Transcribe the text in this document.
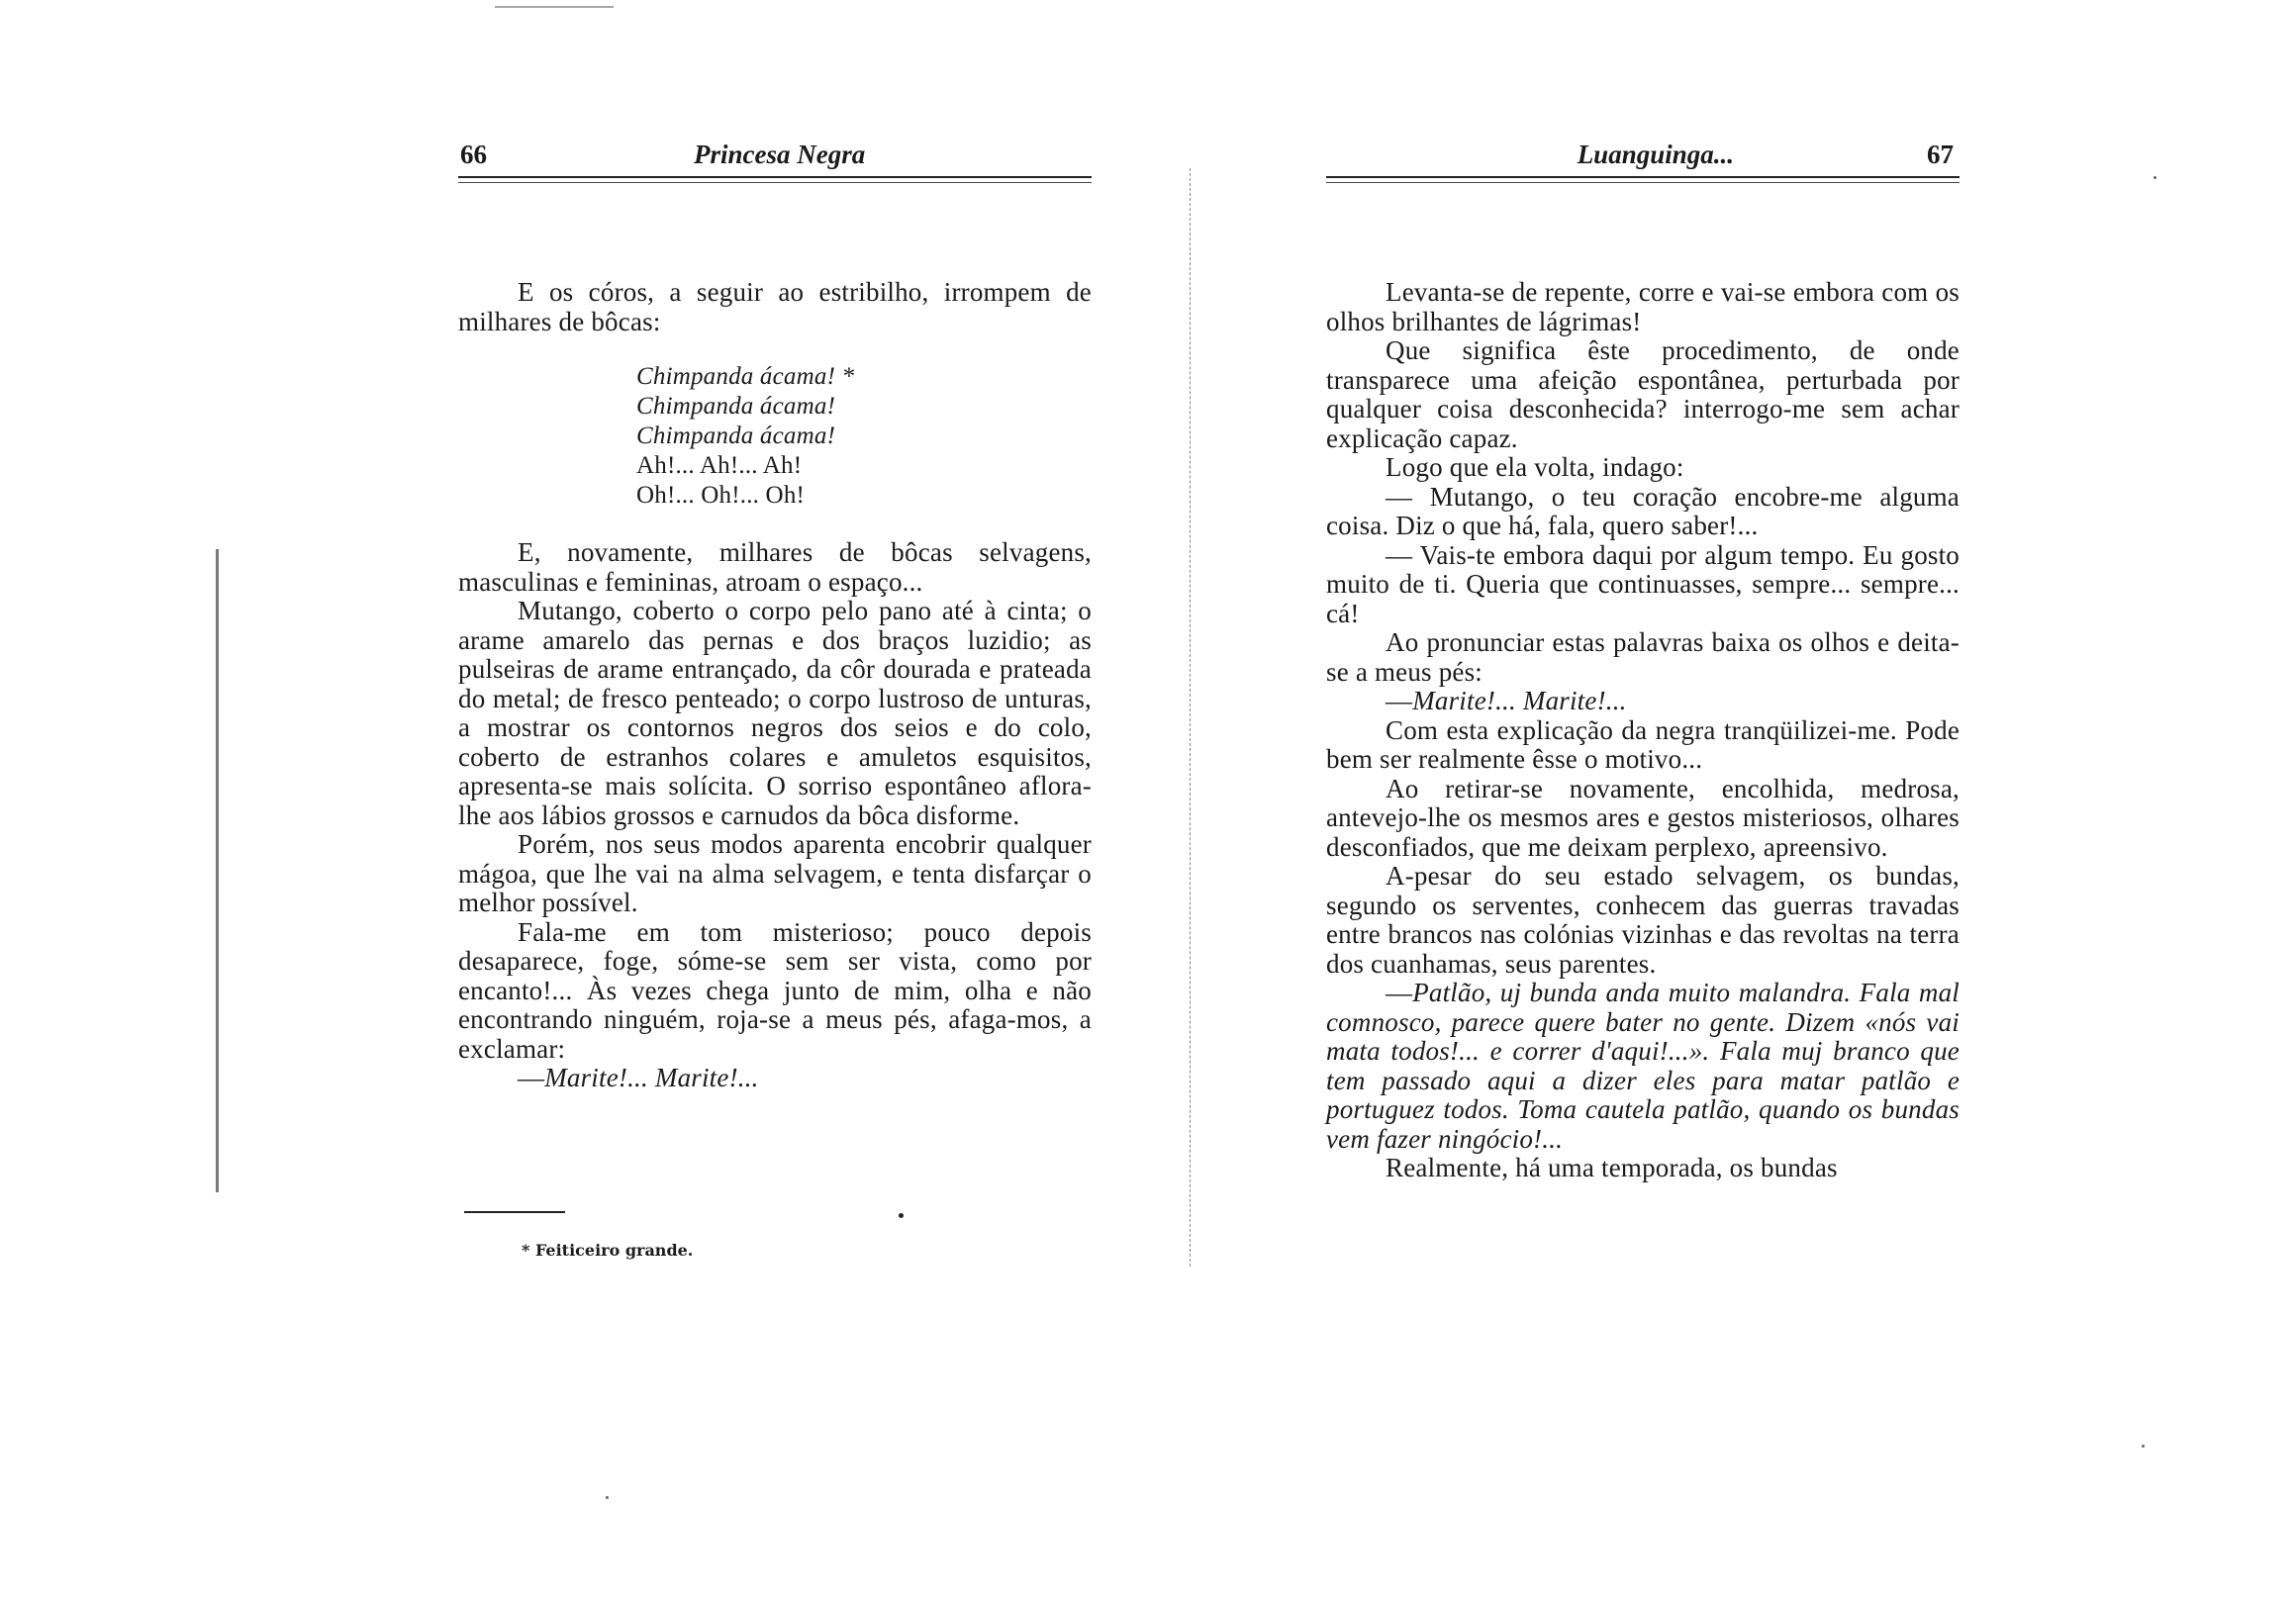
66	Princesa Negra

E os córos, a seguir ao estribilho, irrompem de milhares de bôcas:

Chimpanda ácama! *
Chimpanda ácama!
Chimpanda ácama!
Ah!... Ah!... Ah!
Oh!... Oh!... Oh!

E, novamente, milhares de bôcas selvagens, masculinas e femininas, atroam o espaço...

Mutango, coberto o corpo pelo pano até à cinta; o arame amarelo das pernas e dos braços luzidio; as pulseiras de arame entrançado, da côr dourada e prateada do metal; de fresco penteado; o corpo lustroso de unturas, a mostrar os contornos negros dos seios e do colo, coberto de estranhos colares e amuletos esquisitos, apresenta-se mais solícita. O sorriso espontâneo aflora-lhe aos lábios grossos e carnudos da bôca disforme.

Porém, nos seus modos aparenta encobrir qualquer mágoa, que lhe vai na alma selvagem, e tenta disfarçar o melhor possível.

Fala-me em tom misterioso; pouco depois desaparece, foge, sóme-se sem ser vista, como por encanto!... Às vezes chega junto de mim, olha e não encontrando ninguém, roja-se a meus pés, afaga-mos, a exclamar:

—Marite!... Marite!...

* Feiticeiro grande.
Luanguinga...	67

Levanta-se de repente, corre e vai-se embora com os olhos brilhantes de lágrimas!

Que significa êste procedimento, de onde transparece uma afeição espontânea, perturbada por qualquer coisa desconhecida? interrogo-me sem achar explicação capaz.

Logo que ela volta, indago:

— Mutango, o teu coração encobre-me alguma coisa. Diz o que há, fala, quero saber!...

— Vais-te embora daqui por algum tempo. Eu gosto muito de ti. Queria que continuasses, sempre... sempre... cá!

Ao pronunciar estas palavras baixa os olhos e deita-se a meus pés:

—Marite!... Marite!...

Com esta explicação da negra tranqüilizei-me. Pode bem ser realmente êsse o motivo...

Ao retirar-se novamente, encolhida, medrosa, antevejo-lhe os mesmos ares e gestos misteriosos, olhares desconfiados, que me deixam perplexo, apreensivo.

A-pesar do seu estado selvagem, os bundas, segundo os serventes, conhecem das guerras travadas entre brancos nas colónias vizinhas e das revoltas na terra dos cuanhamas, seus parentes.

—Patlão, uj bunda anda muito malandra. Fala mal comnosco, parece quere bater no gente. Dizem «nós vai mata todos!... e correr d'aqui!...». Fala muj branco que tem passado aqui a dizer eles para matar patlão e portuguez todos. Toma cautela patlão, quando os bundas vem fazer ningócio!...

Realmente, há uma temporada, os bundas
